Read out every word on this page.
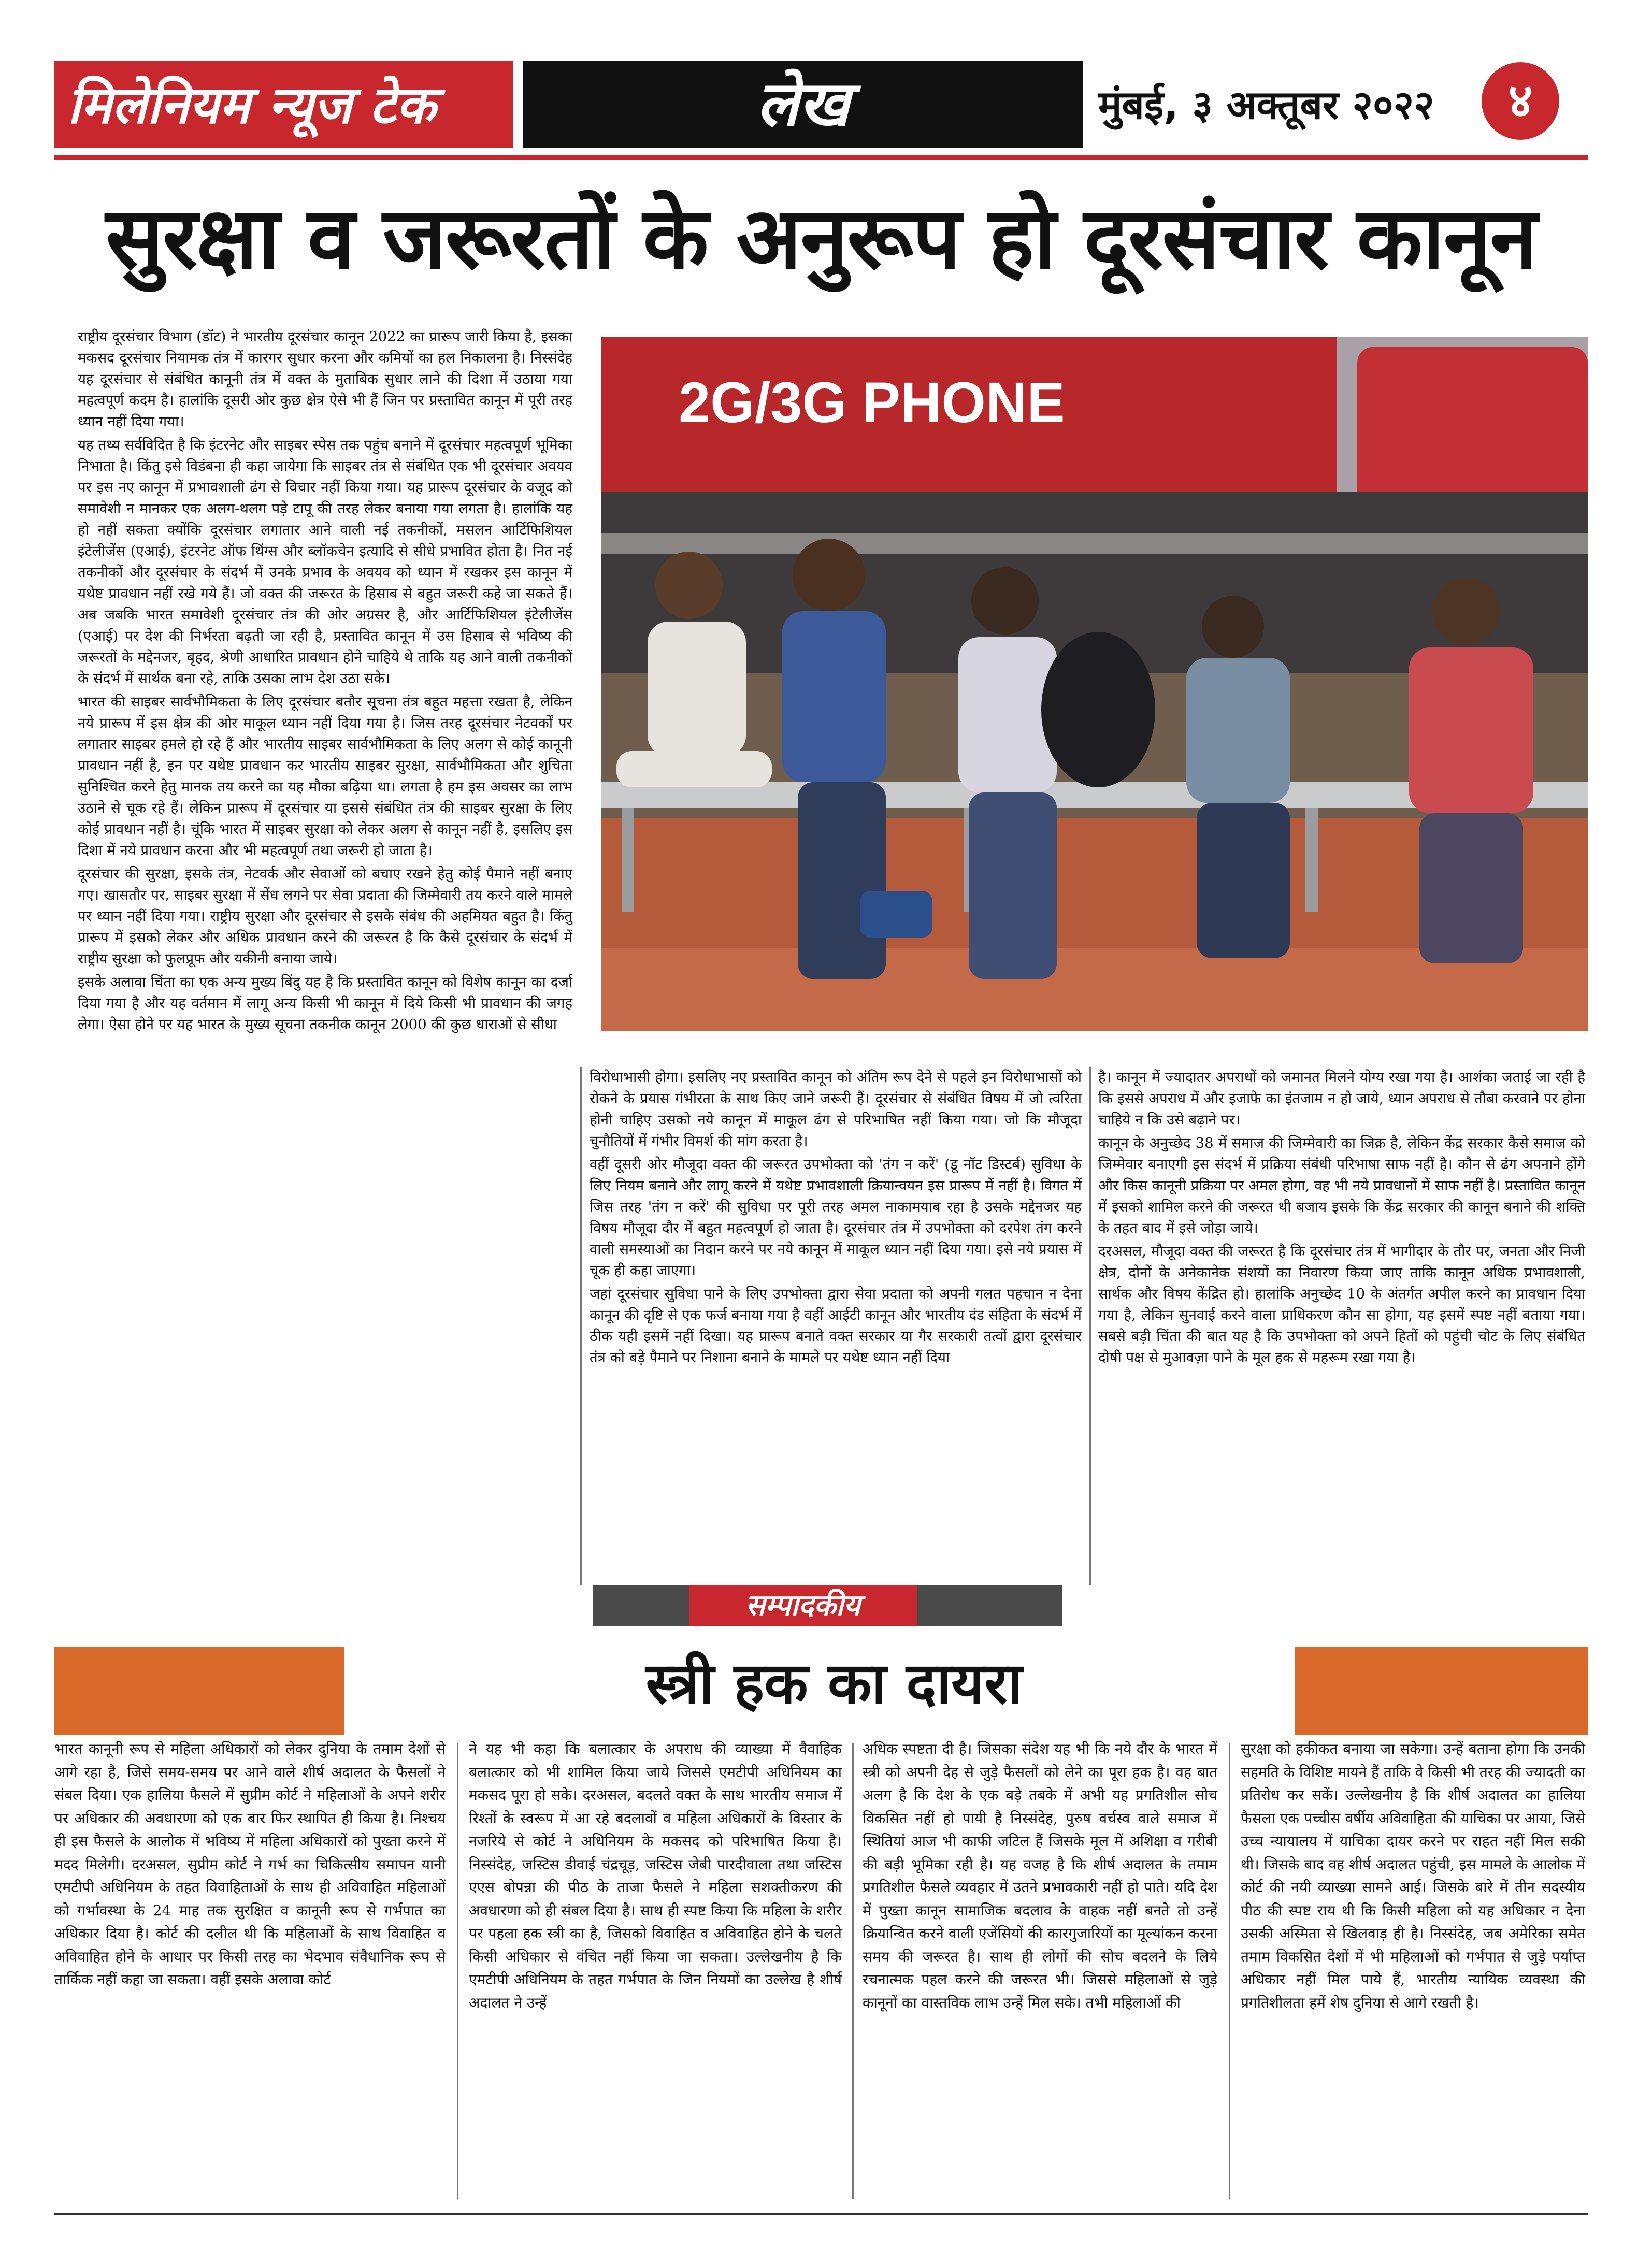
मिलेनियम न्यूज टेक	लेख	मुंबई, ३ अक्तूबर २०२२	४
सुरक्षा व जरूरतों के अनुरूप हो दूरसंचार कानून

राष्ट्रीय दूरसंचार विभाग (डॉट) ने भारतीय दूरसंचार कानून 2022 का प्रारूप जारी किया है, इसका मकसद दूरसंचार नियामक तंत्र में कारगर सुधार करना और कमियों का हल निकालना है। निस्संदेह यह दूरसंचार से संबंधित कानूनी तंत्र में वक्त के मुताबिक सुधार लाने की दिशा में उठाया गया महत्वपूर्ण कदम है। हालांकि दूसरी ओर कुछ क्षेत्र ऐसे भी हैं जिन पर प्रस्तावित कानून में पूरी तरह ध्यान नहीं दिया गया।

यह तथ्य सर्वविदित है कि इंटरनेट और साइबर स्पेस तक पहुंच बनाने में दूरसंचार महत्वपूर्ण भूमिका निभाता है। किंतु इसे विडंबना ही कहा जायेगा कि साइबर तंत्र से संबंधित एक भी दूरसंचार अवयव पर इस नए कानून में प्रभावशाली ढंग से विचार नहीं किया गया। यह प्रारूप दूरसंचार के वजूद को समावेशी न मानकर एक अलग-थलग पड़े टापू की तरह लेकर बनाया गया लगता है। हालांकि यह हो नहीं सकता क्योंकि दूरसंचार लगातार आने वाली नई तकनीकों, मसलन आर्टिफिशियल इंटेलीजेंस (एआई), इंटरनेट ऑफ थिंग्स और ब्लॉकचेन इत्यादि से सीधे प्रभावित होता है। नित नई तकनीकों और दूरसंचार के संदर्भ में उनके प्रभाव के अवयव को ध्यान में रखकर इस कानून में यथेष्ट प्रावधान नहीं रखे गये हैं। जो वक्त की जरूरत के हिसाब से बहुत जरूरी कहे जा सकते हैं। अब जबकि भारत समावेशी दूरसंचार तंत्र की ओर अग्रसर है, और आर्टिफिशियल इंटेलीजेंस (एआई) पर देश की निर्भरता बढ़ती जा रही है, प्रस्तावित कानून में उस हिसाब से भविष्य की जरूरतों के मद्देनजर, बृहद, श्रेणी आधारित प्रावधान होने चाहिये थे ताकि यह आने वाली तकनीकों के संदर्भ में सार्थक बना रहे, ताकि उसका लाभ देश उठा सके।

भारत की साइबर सार्वभौमिकता के लिए दूरसंचार बतौर सूचना तंत्र बहुत महत्ता रखता है, लेकिन नये प्रारूप में इस क्षेत्र की ओर माकूल ध्यान नहीं दिया गया है। जिस तरह दूरसंचार नेटवर्कों पर लगातार साइबर हमले हो रहे हैं और भारतीय साइबर सार्वभौमिकता के लिए अलग से कोई कानूनी प्रावधान नहीं है, इन पर यथेष्ट प्रावधान कर भारतीय साइबर सुरक्षा, सार्वभौमिकता और शुचिता सुनिश्चित करने हेतु मानक तय करने का यह मौका बढ़िया था। लगता है हम इस अवसर का लाभ उठाने से चूक रहे हैं। लेकिन प्रारूप में दूरसंचार या इससे संबंधित तंत्र की साइबर सुरक्षा के लिए कोई प्रावधान नहीं है। चूंकि भारत में साइबर सुरक्षा को लेकर अलग से कानून नहीं है, इसलिए इस दिशा में नये प्रावधान करना और भी महत्वपूर्ण तथा जरूरी हो जाता है।

दूरसंचार की सुरक्षा, इसके तंत्र, नेटवर्क और सेवाओं को बचाए रखने हेतु कोई पैमाने नहीं बनाए गए। खासतौर पर, साइबर सुरक्षा में सेंध लगने पर सेवा प्रदाता की जिम्मेवारी तय करने वाले मामले पर ध्यान नहीं दिया गया। राष्ट्रीय सुरक्षा और दूरसंचार से इसके संबंध की अहमियत बहुत है। किंतु प्रारूप में इसको लेकर और अधिक प्रावधान करने की जरूरत है कि कैसे दूरसंचार के संदर्भ में राष्ट्रीय सुरक्षा को फुलप्रूफ और यकीनी बनाया जाये।

इसके अलावा चिंता का एक अन्य मुख्य बिंदु यह है कि प्रस्तावित कानून को विशेष कानून का दर्जा दिया गया है और यह वर्तमान में लागू अन्य किसी भी कानून में दिये किसी भी प्रावधान की जगह लेगा। ऐसा होने पर यह भारत के मुख्य सूचना तकनीक कानून 2000 की कुछ धाराओं से सीधा

2G/3G PHONE

विरोधाभासी होगा। इसलिए नए प्रस्तावित कानून को अंतिम रूप देने से पहले इन विरोधाभासों को रोकने के प्रयास गंभीरता के साथ किए जाने जरूरी हैं। दूरसंचार से संबंधित विषय में जो त्वरिता होनी चाहिए उसको नये कानून में माकूल ढंग से परिभाषित नहीं किया गया। जो कि मौजूदा चुनौतियों में गंभीर विमर्श की मांग करता है।

वहीं दूसरी ओर मौजूदा वक्त की जरूरत उपभोक्ता को 'तंग न करें' (डू नॉट डिस्टर्ब) सुविधा के लिए नियम बनाने और लागू करने में यथेष्ट प्रभावशाली क्रियान्वयन इस प्रारूप में नहीं है। विगत में जिस तरह 'तंग न करें' की सुविधा पर पूरी तरह अमल नाकामयाब रहा है उसके मद्देनजर यह विषय मौजूदा दौर में बहुत महत्वपूर्ण हो जाता है। दूरसंचार तंत्र में उपभोक्ता को दरपेश तंग करने वाली समस्याओं का निदान करने पर नये कानून में माकूल ध्यान नहीं दिया गया। इसे नये प्रयास में चूक ही कहा जाएगा।

जहां दूरसंचार सुविधा पाने के लिए उपभोक्ता द्वारा सेवा प्रदाता को अपनी गलत पहचान न देना कानून की दृष्टि से एक फर्ज बनाया गया है वहीं आईटी कानून और भारतीय दंड संहिता के संदर्भ में ठीक यही इसमें नहीं दिखा। यह प्रारूप बनाते वक्त सरकार या गैर सरकारी तत्वों द्वारा दूरसंचार तंत्र को बड़े पैमाने पर निशाना बनाने के मामले पर यथेष्ट ध्यान नहीं दिया

है। कानून में ज्यादातर अपराधों को जमानत मिलने योग्य रखा गया है। आशंका जताई जा रही है कि इससे अपराध में और इजाफे का इंतजाम न हो जाये, ध्यान अपराध से तौबा करवाने पर होना चाहिये न कि उसे बढ़ाने पर।

कानून के अनुच्छेद 38 में समाज की जिम्मेवारी का जिक्र है, लेकिन केंद्र सरकार कैसे समाज को जिम्मेवार बनाएगी इस संदर्भ में प्रक्रिया संबंधी परिभाषा साफ नहीं है। कौन से ढंग अपनाने होंगे और किस कानूनी प्रक्रिया पर अमल होगा, वह भी नये प्रावधानों में साफ नहीं है। प्रस्तावित कानून में इसको शामिल करने की जरूरत थी बजाय इसके कि केंद्र सरकार की कानून बनाने की शक्ति के तहत बाद में इसे जोड़ा जाये।

दरअसल, मौजूदा वक्त की जरूरत है कि दूरसंचार तंत्र में भागीदार के तौर पर, जनता और निजी क्षेत्र, दोनों के अनेकानेक संशयों का निवारण किया जाए ताकि कानून अधिक प्रभावशाली, सार्थक और विषय केंद्रित हो। हालांकि अनुच्छेद 10 के अंतर्गत अपील करने का प्रावधान दिया गया है, लेकिन सुनवाई करने वाला प्राधिकरण कौन सा होगा, यह इसमें स्पष्ट नहीं बताया गया। सबसे बड़ी चिंता की बात यह है कि उपभोक्ता को अपने हितों को पहुंची चोट के लिए संबंधित दोषी पक्ष से मुआवज़ा पाने के मूल हक से महरूम रखा गया है।

सम्पादकीय
स्त्री हक का दायरा

भारत कानूनी रूप से महिला अधिकारों को लेकर दुनिया के तमाम देशों से आगे रहा है, जिसे समय-समय पर आने वाले शीर्ष अदालत के फैसलों ने संबल दिया। एक हालिया फैसले में सुप्रीम कोर्ट ने महिलाओं के अपने शरीर पर अधिकार की अवधारणा को एक बार फिर स्थापित ही किया है। निश्चय ही इस फैसले के आलोक में भविष्य में महिला अधिकारों को पुख्ता करने में मदद मिलेगी। दरअसल, सुप्रीम कोर्ट ने गर्भ का चिकित्सीय समापन यानी एमटीपी अधिनियम के तहत विवाहिताओं के साथ ही अविवाहित महिलाओं को गर्भावस्था के 24 माह तक सुरक्षित व कानूनी रूप से गर्भपात का अधिकार दिया है। कोर्ट की दलील थी कि महिलाओं के साथ विवाहित व अविवाहित होने के आधार पर किसी तरह का भेदभाव संवैधानिक रूप से तार्किक नहीं कहा जा सकता। वहीं इसके अलावा कोर्ट

ने यह भी कहा कि बलात्कार के अपराध की व्याख्या में वैवाहिक बलात्कार को भी शामिल किया जाये जिससे एमटीपी अधिनियम का मकसद पूरा हो सके। दरअसल, बदलते वक्त के साथ भारतीय समाज में रिश्तों के स्वरूप में आ रहे बदलावों व महिला अधिकारों के विस्तार के नजरिये से कोर्ट ने अधिनियम के मकसद को परिभाषित किया है। निस्संदेह, जस्टिस डीवाई चंद्रचूड़, जस्टिस जेबी पारदीवाला तथा जस्टिस एएस बोपन्ना की पीठ के ताजा फैसले ने महिला सशक्तीकरण की अवधारणा को ही संबल दिया है। साथ ही स्पष्ट किया कि महिला के शरीर पर पहला हक स्त्री का है, जिसको विवाहित व अविवाहित होने के चलते किसी अधिकार से वंचित नहीं किया जा सकता। उल्लेखनीय है कि एमटीपी अधिनियम के तहत गर्भपात के जिन नियमों का उल्लेख है शीर्ष अदालत ने उन्हें

अधिक स्पष्टता दी है। जिसका संदेश यह भी कि नये दौर के भारत में स्त्री को अपनी देह से जुड़े फैसलों को लेने का पूरा हक है। वह बात अलग है कि देश के एक बड़े तबके में अभी यह प्रगतिशील सोच विकसित नहीं हो पायी है निस्संदेह, पुरुष वर्चस्व वाले समाज में स्थितियां आज भी काफी जटिल हैं जिसके मूल में अशिक्षा व गरीबी की बड़ी भूमिका रही है। यह वजह है कि शीर्ष अदालत के तमाम प्रगतिशील फैसले व्यवहार में उतने प्रभावकारी नहीं हो पाते। यदि देश में पुख्ता कानून सामाजिक बदलाव के वाहक नहीं बनते तो उन्हें क्रियान्वित करने वाली एजेंसियों की कारगुजारियों का मूल्यांकन करना समय की जरूरत है। साथ ही लोगों की सोच बदलने के लिये रचनात्मक पहल करने की जरूरत भी। जिससे महिलाओं से जुड़े कानूनों का वास्तविक लाभ उन्हें मिल सके। तभी महिलाओं की

सुरक्षा को हकीकत बनाया जा सकेगा। उन्हें बताना होगा कि उनकी सहमति के विशिष्ट मायने हैं ताकि वे किसी भी तरह की ज्यादती का प्रतिरोध कर सकें। उल्लेखनीय है कि शीर्ष अदालत का हालिया फैसला एक पच्चीस वर्षीय अविवाहिता की याचिका पर आया, जिसे उच्च न्यायालय में याचिका दायर करने पर राहत नहीं मिल सकी थी। जिसके बाद वह शीर्ष अदालत पहुंची, इस मामले के आलोक में कोर्ट की नयी व्याख्या सामने आई। जिसके बारे में तीन सदस्यीय पीठ की स्पष्ट राय थी कि किसी महिला को यह अधिकार न देना उसकी अस्मिता से खिलवाड़ ही है। निस्संदेह, जब अमेरिका समेत तमाम विकसित देशों में भी महिलाओं को गर्भपात से जुड़े पर्याप्त अधिकार नहीं मिल पाये हैं, भारतीय न्यायिक व्यवस्था की प्रगतिशीलता हमें शेष दुनिया से आगे रखती है।
